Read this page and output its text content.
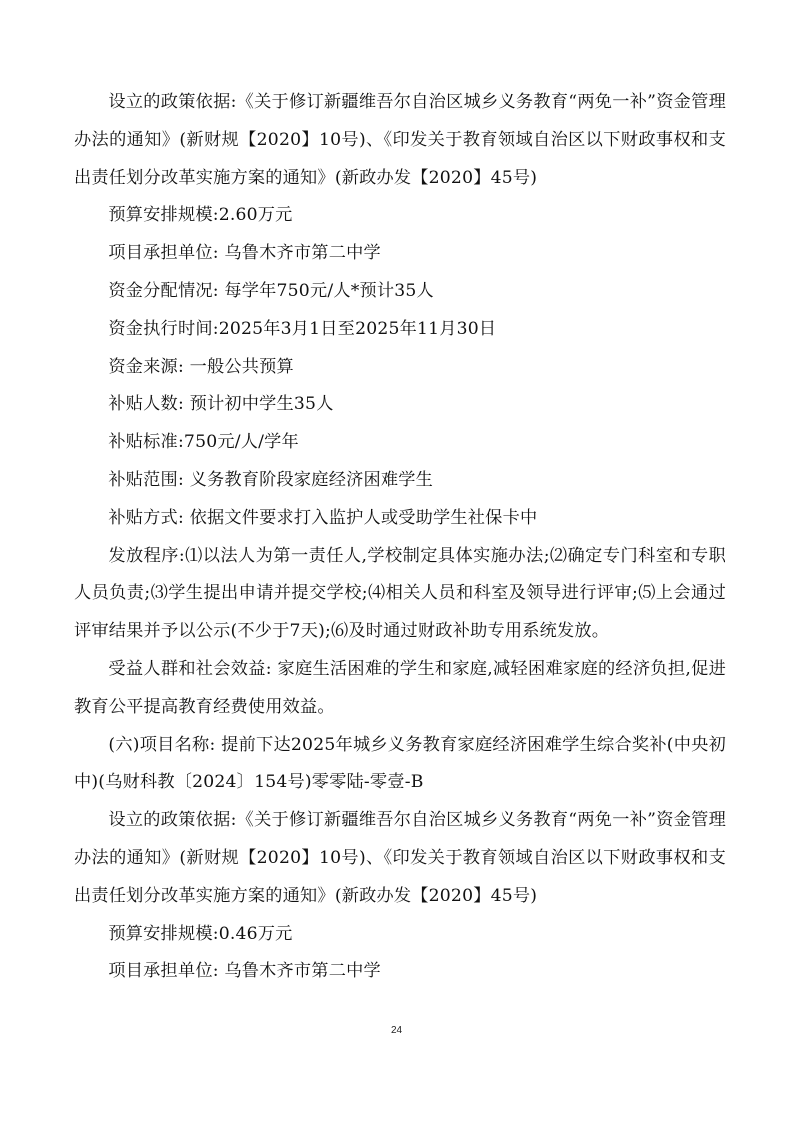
设立的政策依据:《关于修订新疆维吾尔自治区城乡义务教育“两免一补”资金管理办法的通知》(新财规【2020】10号)、《印发关于教育领域自治区以下财政事权和支出责任划分改革实施方案的通知》(新政办发【2020】45号)

预算安排规模:2.60万元

项目承担单位: 乌鲁木齐市第二中学

资金分配情况: 每学年750元/人*预计35人

资金执行时间:2025年3月1日至2025年11月30日

资金来源: 一般公共预算

补贴人数: 预计初中学生35人

补贴标准:750元/人/学年

补贴范围: 义务教育阶段家庭经济困难学生

补贴方式: 依据文件要求打入监护人或受助学生社保卡中

发放程序:⑴以法人为第一责任人,学校制定具体实施办法;⑵确定专门科室和专职人员负责;⑶学生提出申请并提交学校;⑷相关人员和科室及领导进行评审;⑸上会通过评审结果并予以公示(不少于7天);⑹及时通过财政补助专用系统发放。

受益人群和社会效益: 家庭生活困难的学生和家庭,减轻困难家庭的经济负担,促进教育公平提高教育经费使用效益。

(六)项目名称: 提前下达2025年城乡义务教育家庭经济困难学生综合奖补(中央初中)(乌财科教〔2024〕154号)零零陆-零壹-B

设立的政策依据:《关于修订新疆维吾尔自治区城乡义务教育“两免一补”资金管理办法的通知》(新财规【2020】10号)、《印发关于教育领域自治区以下财政事权和支出责任划分改革实施方案的通知》(新政办发【2020】45号)

预算安排规模:0.46万元

项目承担单位: 乌鲁木齐市第二中学

24
